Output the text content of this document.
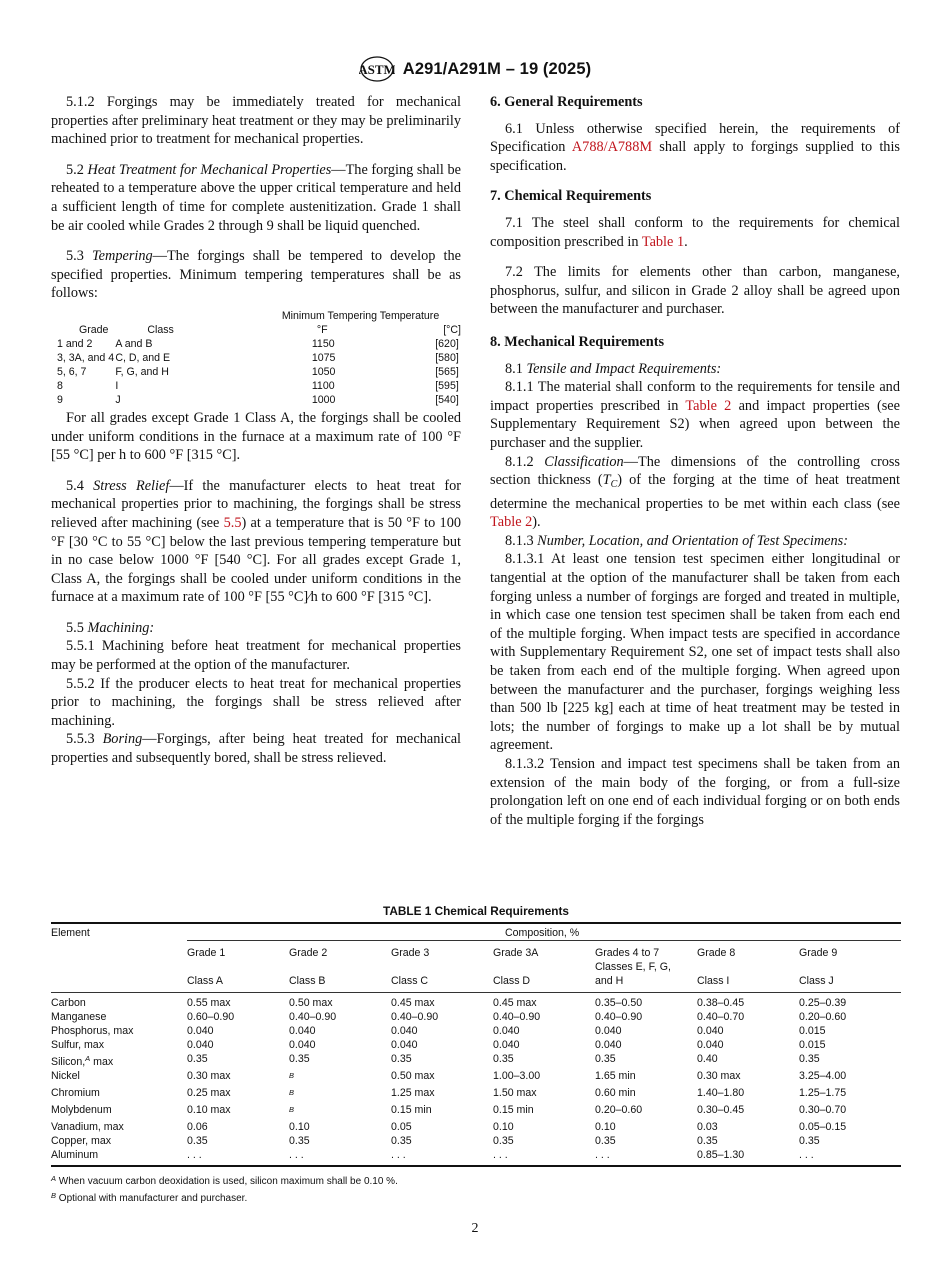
ASTM A291/A291M – 19 (2025)

5.1.2 Forgings may be immediately treated for mechanical properties after preliminary heat treatment or they may be preliminarily machined prior to treatment for mechanical properties.

5.2 Heat Treatment for Mechanical Properties—The forging shall be reheated to a temperature above the upper critical temperature and held a sufficient length of time for complete austenitization. Grade 1 shall be air cooled while Grades 2 through 9 shall be liquid quenched.

5.3 Tempering—The forgings shall be tempered to develop the specified properties. Minimum tempering temperatures shall be as follows:

		Minimum Tempering Temperature	
Grade	Class	°F	[°C]
1 and 2	A and B	1150	[620]
3, 3A, and 4	C, D, and E	1075	[580]
5, 6, 7	F, G, and H	1050	[565]
8	I	1100	[595]
9	J	1000	[540]

For all grades except Grade 1 Class A, the forgings shall be cooled under uniform conditions in the furnace at a maximum rate of 100 °F [55 °C] per h to 600 °F [315 °C].

5.4 Stress Relief—If the manufacturer elects to heat treat for mechanical properties prior to machining, the forgings shall be stress relieved after machining (see 5.5) at a temperature that is 50 °F to 100 °F [30 °C to 55 °C] below the last previous tempering temperature but in no case below 1000 °F [540 °C]. For all grades except Grade 1, Class A, the forgings shall be cooled under uniform conditions in the furnace at a maximum rate of 100 °F [55 °C]⁄h to 600 °F [315 °C].

5.5 Machining:

5.5.1 Machining before heat treatment for mechanical properties may be performed at the option of the manufacturer.

5.5.2 If the producer elects to heat treat for mechanical properties prior to machining, the forgings shall be stress relieved after machining.

5.5.3 Boring—Forgings, after being heat treated for mechanical properties and subsequently bored, shall be stress relieved.

6. General Requirements

6.1 Unless otherwise specified herein, the requirements of Specification A788/A788M shall apply to forgings supplied to this specification.

7. Chemical Requirements

7.1 The steel shall conform to the requirements for chemical composition prescribed in Table 1.

7.2 The limits for elements other than carbon, manganese, phosphorus, sulfur, and silicon in Grade 2 alloy shall be agreed upon between the manufacturer and purchaser.

8. Mechanical Requirements

8.1 Tensile and Impact Requirements:

8.1.1 The material shall conform to the requirements for tensile and impact properties prescribed in Table 2 and impact properties (see Supplementary Requirement S2) when agreed upon between the purchaser and the supplier.

8.1.2 Classification—The dimensions of the controlling cross section thickness $(T_C)$ of the forging at the time of heat treatment determine the mechanical properties to be met within each class (see Table 2).

8.1.3 Number, Location, and Orientation of Test Specimens:

8.1.3.1 At least one tension test specimen either longitudinal or tangential at the option of the manufacturer shall be taken from each forging unless a number of forgings are forged and treated in multiple, in which case one tension test specimen shall be taken from each end of the multiple forging. When impact tests are specified in accordance with Supplementary Requirement S2, one set of impact tests shall also be taken from each end of the multiple forging. When agreed upon between the manufacturer and the purchaser, forgings weighing less than 500 lb [225 kg] each at time of heat treatment may be tested in lots; the number of forgings to make up a lot shall be by mutual agreement.

8.1.3.2 Tension and impact test specimens shall be taken from an extension of the main body of the forging, or from a full-size prolongation left on one end of each individual forging or on both ends of the multiple forging if the forgings

TABLE 1 Chemical Requirements
Element	Composition, %						
	Grade 1	Grade 2	Grade 3	Grade 3A	Grades 4 to 7 Classes E, F, G,	Grade 8	Grade 9
	Class A	Class B	Class C	Class D	and H	Class I	Class J
Carbon	0.55 max	0.50 max	0.45 max	0.45 max	0.35–0.50	0.38–0.45	0.25–0.39
Manganese	0.60–0.90	0.40–0.90	0.40–0.90	0.40–0.90	0.40–0.90	0.40–0.70	0.20–0.60
Phosphorus, max	0.040	0.040	0.040	0.040	0.040	0.040	0.015
Sulfur, max	0.040	0.040	0.040	0.040	0.040	0.040	0.015
Silicon,$^A$ max	0.35	0.35	0.35	0.35	0.35	0.40	0.35
Nickel	0.30 max	$^B$	0.50 max	1.00–3.00	1.65 min	0.30 max	3.25–4.00
Chromium	0.25 max	$^B$	1.25 max	1.50 max	0.60 min	1.40–1.80	1.25–1.75
Molybdenum	0.10 max	$^B$	0.15 min	0.15 min	0.20–0.60	0.30–0.45	0.30–0.70
Vanadium, max	0.06	0.10	0.05	0.10	0.10	0.03	0.05–0.15
Copper, max	0.35	0.35	0.35	0.35	0.35	0.35	0.35
Aluminum	. . .	. . .	. . .	. . .	. . .	0.85–1.30	. . .
$^A$ When vacuum carbon deoxidation is used, silicon maximum shall be 0.10 %.
$^B$ Optional with manufacturer and purchaser.
2
